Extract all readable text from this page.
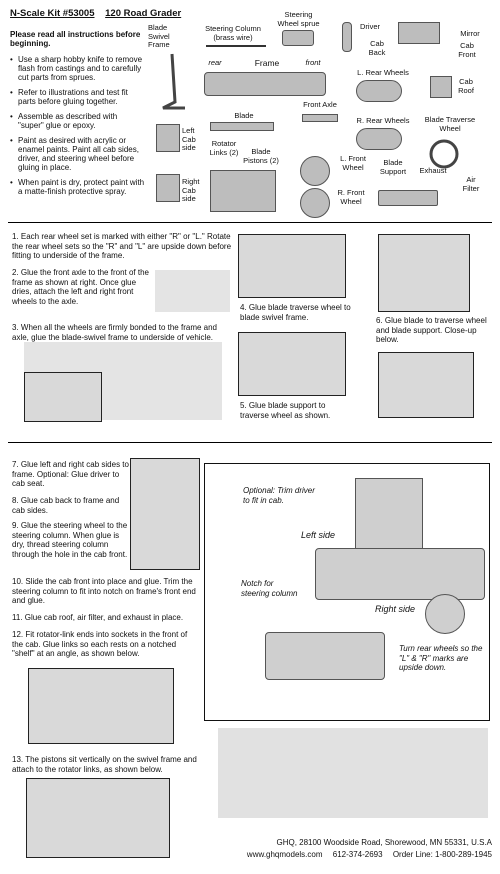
N-Scale Kit #53005 120 Road Grader
Please read all instructions before beginning.
• Use a sharp hobby knife to remove flash from castings and to carefully cut parts from sprues.
• Refer to illustrations and test fit parts before gluing together.
• Assemble as described with "super" glue or epoxy.
• Paint as desired with acrylic or enamel paints. Paint all cab sides, driver, and steering wheel before gluing in place.
• When paint is dry, protect paint with a matte-finish protective spray.
Blade Swivel Frame
Steering Column (brass wire)
Steering Wheel sprue	Driver
Mirror
Cab Back
Cab Front
rear	Frame	front
L. Rear Wheels
Cab Roof
Blade
Front Axle
R. Rear Wheels	Blade Traverse Wheel
Left Cab side	Rotator Links (2)	Blade Pistons (2)	L. Front Wheel
Right Cab side
R. Front Wheel
Blade Support Exhaust
Air Filter
1. Each rear wheel set is marked with either "R" or "L." Rotate the rear wheel sets so the "R" and "L" are upside down before fitting to underside of the frame.
2. Glue the front axle to the front of the frame as shown at right. Once glue dries, attach the left and right front wheels to the axle.
3. When all the wheels are firmly bonded to the frame and axle, glue the blade-swivel frame to underside of vehicle.
4. Glue blade traverse wheel to blade swivel frame.
5. Glue blade support to traverse wheel as shown.
6. Glue blade to traverse wheel and blade support. Close-up below.
7. Glue left and right cab sides to frame. Optional: Glue driver to cab seat.
8. Glue cab back to frame and cab sides.
9. Glue the steering wheel to the steering column. When glue is dry, thread steering column through the hole in the cab front.
10. Slide the cab front into place and glue. Trim the steering column to fit into notch on frame's front end and glue.
11. Glue cab roof, air filter, and exhaust in place.
12. Fit rotator-link ends into sockets in the front of the cab. Glue links so each rests on a notched "shelf" at an angle, as shown below.
Optional: Trim driver to fit in cab.
Left side
Notch for steering column
Right side
Turn rear wheels so the "L" & "R" marks are upside down.
13. The pistons sit vertically on the swivel frame and attach to the rotator links, as shown below.
GHQ, 28100 Woodside Road, Shorewood, MN 55331, U.S.A
www.ghqmodels.com 612-374-2693 Order Line: 1-800-289-1945
